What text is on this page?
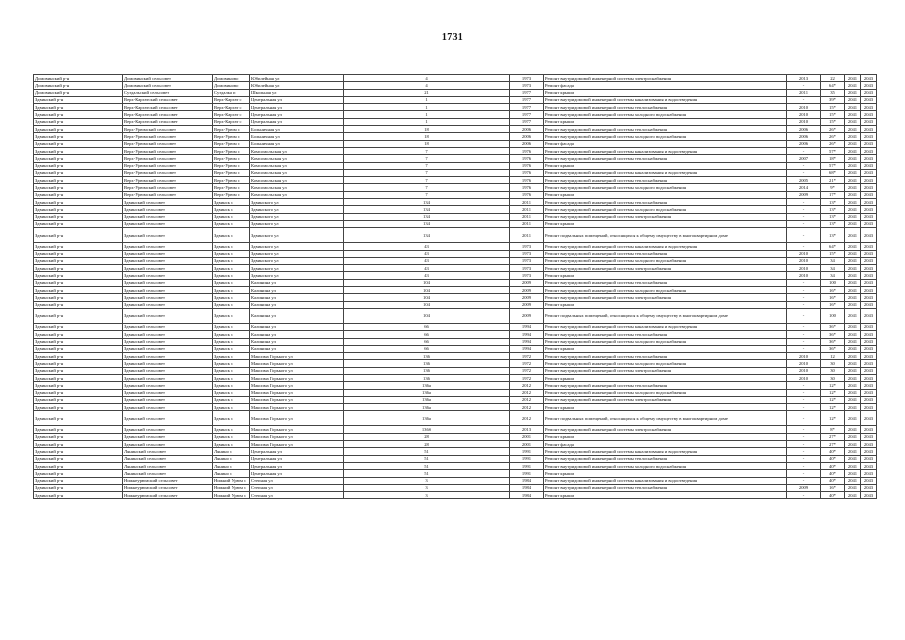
1731
Домовинский р-н	Домовинский сельсовет	Домовиново	Юбилейная ул	4	1973	Ремонт внутридомовой инженерной системы электроснабжения	2013	22	2041	2043
Домовинский р-н	Домовинский сельсовет	Домовиново	Юбилейная ул	4	1973	Ремонт фасада	-	64*	2041	2043
Домовинский р-н	Суздальский сельсовет	Суздалка п	Школьная ул	21	1977	Ремонт крыши	2011	35	2041	2043
Здвинский р-н	Верх-Каргатский сельсовет	Верх-Каргат с	Центральная ул	1	1977	Ремонт внутридомовой инженерной системы канализования и водоотведения	-	39*	2041	2043
Здвинский р-н	Верх-Каргатский сельсовет	Верх-Каргат с	Центральная ул	1	1977	Ремонт внутридомовой инженерной системы теплоснабжения	2010	15*	2041	2043
Здвинский р-н	Верх-Каргатский сельсовет	Верх-Каргат с	Центральная ул	1	1977	Ремонт внутридомовой инженерной системы холодного водоснабжения	2010	15*	2041	2043
Здвинский р-н	Верх-Каргатский сельсовет	Верх-Каргат с	Центральная ул	1	1977	Ремонт крыши	2010	15*	2041	2043
Здвинский р-н	Верх-Урюмский сельсовет	Верх-Урюм с	Больничная ул	18	2006	Ремонт внутридомовой инженерной системы теплоснабжения	2006	26*	2041	2043
Здвинский р-н	Верх-Урюмский сельсовет	Верх-Урюм с	Больничная ул	18	2006	Ремонт внутридомовой инженерной системы холодного водоснабжения	2006	26*	2041	2043
Здвинский р-н	Верх-Урюмский сельсовет	Верх-Урюм с	Больничная ул	18	2006	Ремонт фасада	2006	26*	2041	2043
Здвинский р-н	Верх-Урюмский сельсовет	Верх-Урюм с	Комсомольская ул	7	1976	Ремонт внутридомовой инженерной системы канализования и водоотведения	-	57*	2041	2043
Здвинский р-н	Верх-Урюмский сельсовет	Верх-Урюм с	Комсомольская ул	7	1976	Ремонт внутридомовой инженерной системы теплоснабжения	2007	18*	2041	2043
Здвинский р-н	Верх-Урюмский сельсовет	Верх-Урюм с	Комсомольская ул	7	1976	Ремонт крыши	-	57*	2041	2043
Здвинский р-н	Верх-Урюмский сельсовет	Верх-Урюм с	Комсомольская ул	7	1976	Ремонт внутридомовой инженерной системы канализования и водоотведения	-	68*	2041	2043
Здвинский р-н	Верх-Урюмский сельсовет	Верх-Урюм с	Комсомольская ул	7	1976	Ремонт внутридомовой инженерной системы теплоснабжения	2005	21*	2041	2043
Здвинский р-н	Верх-Урюмский сельсовет	Верх-Урюм с	Комсомольская ул	7	1976	Ремонт внутридомовой инженерной системы холодного водоснабжения	2014	9*	2041	2043
Здвинский р-н	Верх-Урюмский сельсовет	Верх-Урюм с	Комсомольская ул	7	1976	Ремонт крыши	2009	17*	2041	2043
Здвинский р-н	Здвинский сельсовет	Здвинск с	Здвинского ул	134	2011	Ремонт внутридомовой инженерной системы теплоснабжения	-	13*	2041	2043
Здвинский р-н	Здвинский сельсовет	Здвинск с	Здвинского ул	134	2011	Ремонт внутридомовой инженерной системы холодного водоснабжения	-	13*	2041	2043
Здвинский р-н	Здвинский сельсовет	Здвинск с	Здвинского ул	134	2011	Ремонт внутридомовой инженерной системы электроснабжения	-	13*	2041	2043
Здвинский р-н	Здвинский сельсовет	Здвинск с	Здвинского ул	134	2011	Ремонт крыши	-	13*	2041	2043
Здвинский р-н	Здвинский сельсовет	Здвинск с	Здвинского ул	134	2011	Ремонт подвальных помещений, относящихся к общему имуществу в многоквартирном доме	-	13*	2041	2043
Здвинский р-н	Здвинский сельсовет	Здвинск с	Здвинского ул	43	1973	Ремонт внутридомовой инженерной системы канализования и водоотведения	-	64*	2041	2043
Здвинский р-н	Здвинский сельсовет	Здвинск с	Здвинского ул	43	1973	Ремонт внутридомовой инженерной системы теплоснабжения	2010	15*	2041	2043
Здвинский р-н	Здвинский сельсовет	Здвинск с	Здвинского ул	43	1973	Ремонт внутридомовой инженерной системы холодного водоснабжения	2010	34	2041	2043
Здвинский р-н	Здвинский сельсовет	Здвинск с	Здвинского ул	43	1973	Ремонт внутридомовой инженерной системы электроснабжения	2010	34	2041	2043
Здвинский р-н	Здвинский сельсовет	Здвинск с	Здвинского ул	43	1973	Ремонт крыши	2010	34	2041	2043
Здвинский р-н	Здвинский сельсовет	Здвинск с	Калинина ул	104	2009	Ремонт внутридомовой инженерной системы теплоснабжения	-	100	2041	2043
Здвинский р-н	Здвинский сельсовет	Здвинск с	Калинина ул	104	2009	Ремонт внутридомовой инженерной системы холодного водоснабжения	-	16*	2041	2043
Здвинский р-н	Здвинский сельсовет	Здвинск с	Калинина ул	104	2009	Ремонт внутридомовой инженерной системы электроснабжения	-	16*	2041	2043
Здвинский р-н	Здвинский сельсовет	Здвинск с	Калинина ул	104	2009	Ремонт крыши	-	16*	2041	2043
Здвинский р-н	Здвинский сельсовет	Здвинск с	Калинина ул	104	2009	Ремонт подвальных помещений, относящихся к общему имуществу в многоквартирном доме	-	100	2041	2043
Здвинский р-н	Здвинский сельсовет	Здвинск с	Калинина ул	66	1994	Ремонт внутридомовой инженерной системы канализования и водоотведения	-	36*	2041	2043
Здвинский р-н	Здвинский сельсовет	Здвинск с	Калинина ул	66	1994	Ремонт внутридомовой инженерной системы теплоснабжения	-	36*	2041	2043
Здвинский р-н	Здвинский сельсовет	Здвинск с	Калинина ул	66	1994	Ремонт внутридомовой инженерной системы холодного водоснабжения	-	36*	2041	2043
Здвинский р-н	Здвинский сельсовет	Здвинск с	Калинина ул	66	1994	Ремонт крыши	-	36*	2041	2043
Здвинский р-н	Здвинский сельсовет	Здвинск с	Максима Горького ул	136	1972	Ремонт внутридомовой инженерной системы теплоснабжения	2010	12	2041	2043
Здвинский р-н	Здвинский сельсовет	Здвинск с	Максима Горького ул	136	1972	Ремонт внутридомовой инженерной системы холодного водоснабжения	2010	30	2041	2043
Здвинский р-н	Здвинский сельсовет	Здвинск с	Максима Горького ул	136	1972	Ремонт внутридомовой инженерной системы электроснабжения	2010	30	2041	2043
Здвинский р-н	Здвинский сельсовет	Здвинск с	Максима Горького ул	136	1972	Ремонт крыши	2010	30	2041	2043
Здвинский р-н	Здвинский сельсовет	Здвинск с	Максима Горького ул	136а	2012	Ремонт внутридомовой инженерной системы теплоснабжения	-	12*	2041	2043
Здвинский р-н	Здвинский сельсовет	Здвинск с	Максима Горького ул	136а	2012	Ремонт внутридомовой инженерной системы холодного водоснабжения	-	12*	2041	2043
Здвинский р-н	Здвинский сельсовет	Здвинск с	Максима Горького ул	136а	2012	Ремонт внутридомовой инженерной системы электроснабжения	-	12*	2041	2043
Здвинский р-н	Здвинский сельсовет	Здвинск с	Максима Горького ул	136а	2012	Ремонт крыши	-	12*	2041	2043
Здвинский р-н	Здвинский сельсовет	Здвинск с	Максима Горького ул	136а	2012	Ремонт подвальных помещений, относящихся к общему имуществу в многоквартирном доме	-	12*	2041	2043
Здвинский р-н	Здвинский сельсовет	Здвинск с	Максима Горького ул	136б	2013	Ремонт внутридомовой инженерной системы электроснабжения	-	8*	2041	2043
Здвинский р-н	Здвинский сельсовет	Здвинск с	Максима Горького ул	28	2001	Ремонт крыши	-	27*	2041	2043
Здвинский р-н	Здвинский сельсовет	Здвинск с	Максима Горького ул	28	2001	Ремонт фасада	-	27*	2041	2043
Здвинский р-н	Лянинский сельсовет	Лянино с	Центральная ул	51	1991	Ремонт внутридомовой инженерной системы канализования и водоотведения	-	40*	2041	2043
Здвинский р-н	Лянинский сельсовет	Лянино с	Центральная ул	51	1991	Ремонт внутридомовой инженерной системы теплоснабжения	-	40*	2041	2043
Здвинский р-н	Лянинский сельсовет	Лянино с	Центральная ул	51	1991	Ремонт внутридомовой инженерной системы холодного водоснабжения	-	40*	2041	2043
Здвинский р-н	Лянинский сельсовет	Лянино с	Центральная ул	51	1991	Ремонт крыши	-	40*	2041	2043
Здвинский р-н	Нижнеурюмский сельсовет	Нижний Урюм с	Степная ул	3	1984	Ремонт внутридомовой инженерной системы канализования и водоотведения	-	40*	2041	2043
Здвинский р-н	Нижнеурюмский сельсовет	Нижний Урюм с	Степная ул	3	1984	Ремонт внутридомовой инженерной системы теплоснабжения	2009	16*	2041	2043
Здвинский р-н	Нижнеурюмский сельсовет	Нижний Урюм с	Степная ул	3	1984	Ремонт крыши	-	40*	2041	2043
